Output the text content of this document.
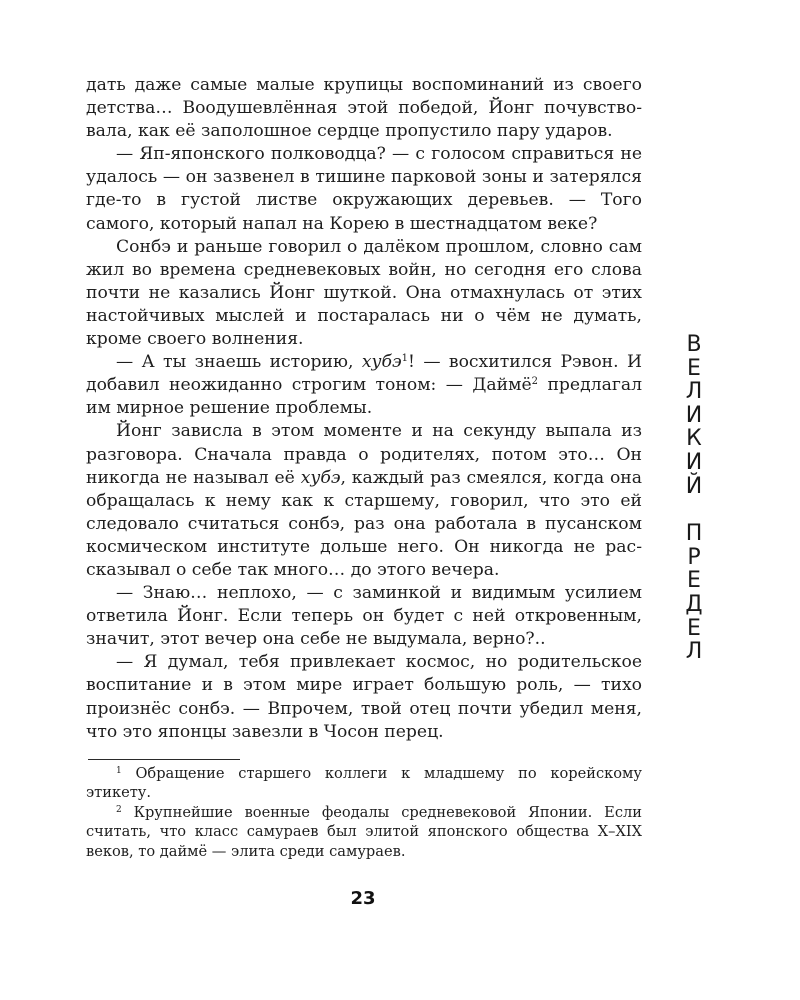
дать даже самые малые крупицы воспоминаний из своего детства… Воодушевлённая этой победой, Йонг почувствовала, как её заполошное сердце пропустило пару ударов.

— Яп-японского полководца? — с голосом справиться не удалось — он зазвенел в тишине парковой зоны и затерялся где-то в густой листве окружающих деревьев. — Того самого, который напал на Корею в шестнадцатом веке?

Сонбэ и раньше говорил о далёком прошлом, словно сам жил во времена средневековых войн, но сегодня его слова почти не казались Йонг шуткой. Она отмахнулась от этих настойчивых мыслей и постаралась ни о чём не думать, кроме своего волнения.

— А ты знаешь историю, хубэ$^1$! — восхитился Рэвон. И добавил неожиданно строгим тоном: — Даймё$^2$ предлагал им мирное решение проблемы.

Йонг зависла в этом моменте и на секунду выпала из разговора. Сначала правда о родителях, потом это… Он никогда не называл её хубэ, каждый раз смеялся, когда она обращалась к нему как к старшему, говорил, что это ей следовало считаться сонбэ, раз она работала в пусанском космическом институте дольше него. Он никогда не рассказывал о себе так много… до этого вечера.

— Знаю… неплохо, — с заминкой и видимым усилием ответила Йонг. Если теперь он будет с ней откровенным, значит, этот вечер она себе не выдумала, верно?..

— Я думал, тебя привлекает космос, но родительское воспитание и в этом мире играет большую роль, — тихо произнёс сонбэ. — Впрочем, твой отец почти убедил меня, что это японцы завезли в Чосон перец.

В
Е
Л
И
К
И
Й
П
Р
Е
Д
Е
Л

$^1$ Обращение старшего коллеги к младшему по корейскому этикету.

$^2$ Крупнейшие военные феодалы средневековой Японии. Если считать, что класс самураев был элитой японского общества X–XIX веков, то даймё — элита среди самураев.

23
